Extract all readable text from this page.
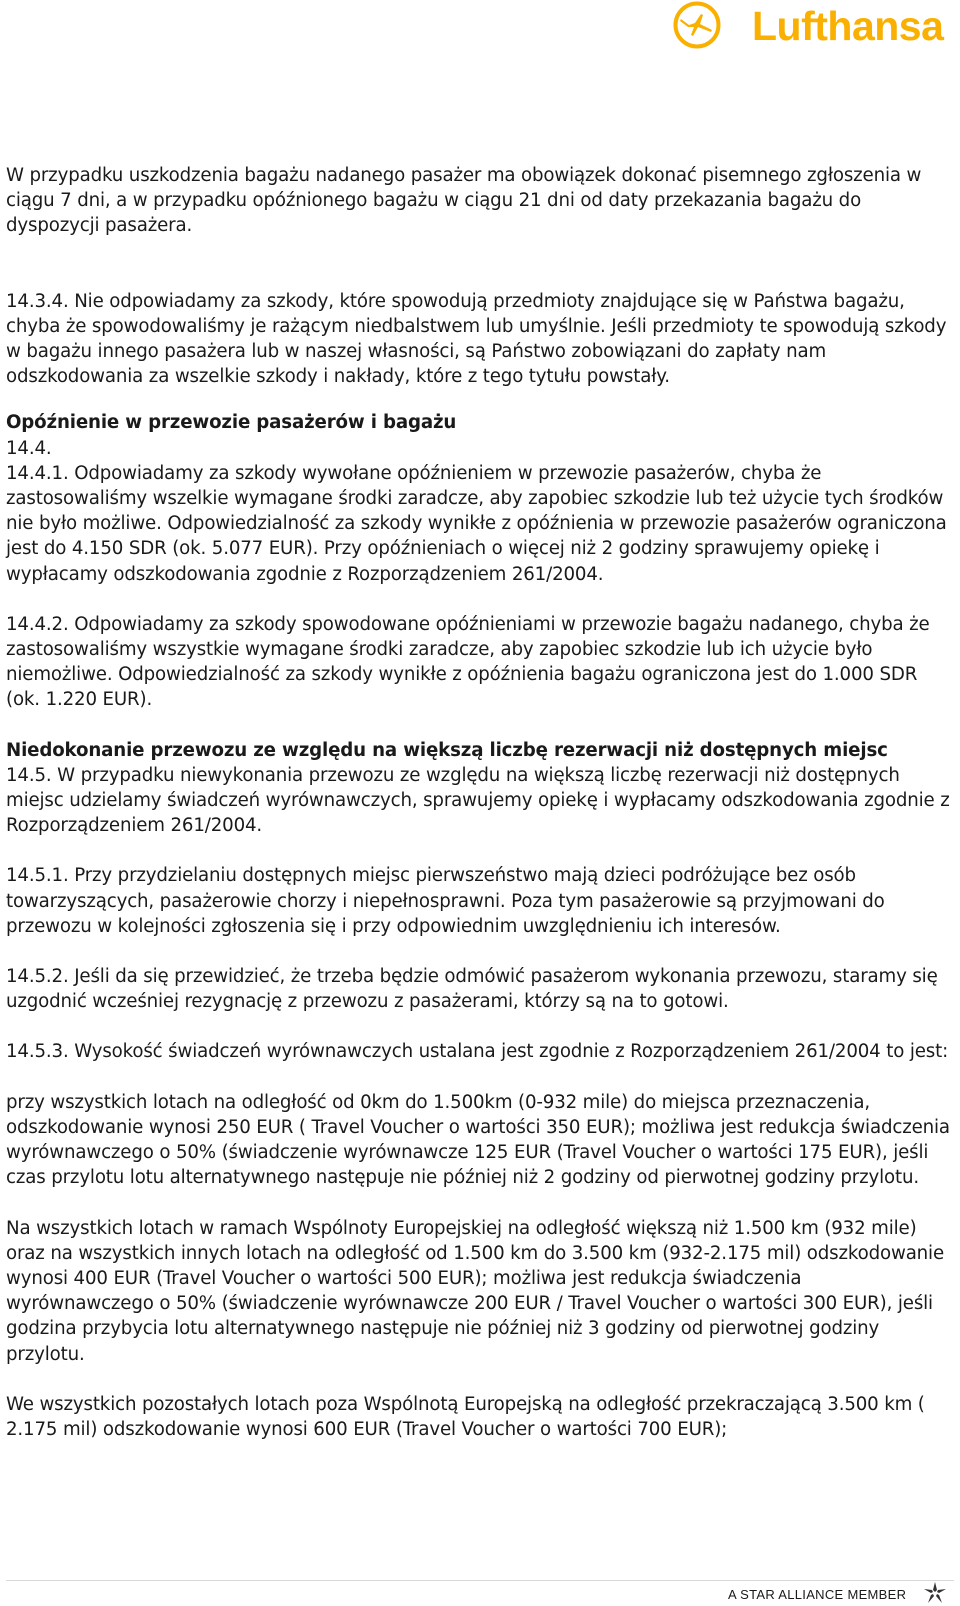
Lufthansa

W przypadku uszkodzenia bagażu nadanego pasażer ma obowiązek dokonać pisemnego zgłoszenia w ciągu 7 dni, a w przypadku opóźnionego bagażu w ciągu 21 dni od daty przekazania bagażu do dyspozycji pasażera.

14.3.4. Nie odpowiadamy za szkody, które spowodują przedmioty znajdujące się w Państwa bagażu, chyba że spowodowaliśmy je rażącym niedbalstwem lub umyślnie. Jeśli przedmioty te spowodują szkody w bagażu innego pasażera lub w naszej własności, są Państwo zobowiązani do zapłaty nam odszkodowania za wszelkie szkody i nakłady, które z tego tytułu powstały.

Opóźnienie w przewozie pasażerów i bagażu

14.4.

14.4.1. Odpowiadamy za szkody wywołane opóźnieniem w przewozie pasażerów, chyba że zastosowaliśmy wszelkie wymagane środki zaradcze, aby zapobiec szkodzie lub też użycie tych środków nie było możliwe. Odpowiedzialność za szkody wynikłe z opóźnienia w przewozie pasażerów ograniczona jest do 4.150 SDR (ok. 5.077 EUR). Przy opóźnieniach o więcej niż 2 godziny sprawujemy opiekę i wypłacamy odszkodowania zgodnie z Rozporządzeniem 261/2004.

14.4.2. Odpowiadamy za szkody spowodowane opóźnieniami w przewozie bagażu nadanego, chyba że zastosowaliśmy wszystkie wymagane środki zaradcze, aby zapobiec szkodzie lub ich użycie było niemożliwe. Odpowiedzialność za szkody wynikłe z opóźnienia bagażu ograniczona jest do 1.000 SDR (ok. 1.220 EUR).

Niedokonanie przewozu ze względu na większą liczbę rezerwacji niż dostępnych miejsc

14.5. W przypadku niewykonania przewozu ze względu na większą liczbę rezerwacji niż dostępnych miejsc udzielamy świadczeń wyrównawczych, sprawujemy opiekę i wypłacamy odszkodowania zgodnie z Rozporządzeniem 261/2004.

14.5.1. Przy przydzielaniu dostępnych miejsc pierwszeństwo mają dzieci podróżujące bez osób towarzyszących, pasażerowie chorzy i niepełnosprawni. Poza tym pasażerowie są przyjmowani do przewozu w kolejności zgłoszenia się i przy odpowiednim uwzględnieniu ich interesów.

14.5.2. Jeśli da się przewidzieć, że trzeba będzie odmówić pasażerom wykonania przewozu, staramy się uzgodnić wcześniej rezygnację z przewozu z pasażerami, którzy są na to gotowi.

14.5.3. Wysokość świadczeń wyrównawczych ustalana jest zgodnie z Rozporządzeniem 261/2004 to jest:

przy wszystkich lotach na odległość od 0km do 1.500km (0-932 mile) do miejsca przeznaczenia, odszkodowanie wynosi 250 EUR ( Travel Voucher o wartości 350 EUR); możliwa jest redukcja świadczenia wyrównawczego o 50% (świadczenie wyrównawcze 125 EUR (Travel Voucher o wartości 175 EUR), jeśli czas przylotu lotu alternatywnego następuje nie później niż 2 godziny od pierwotnej godziny przylotu.

Na wszystkich lotach w ramach Wspólnoty Europejskiej na odległość większą niż 1.500 km (932 mile) oraz na wszystkich innych lotach na odległość od 1.500 km do 3.500 km (932-2.175 mil) odszkodowanie wynosi 400 EUR (Travel Voucher o wartości 500 EUR); możliwa jest redukcja świadczenia wyrównawczego o 50% (świadczenie wyrównawcze 200 EUR / Travel Voucher o wartości 300 EUR), jeśli godzina przybycia lotu alternatywnego następuje nie później niż 3 godziny od pierwotnej godziny przylotu.

We wszystkich pozostałych lotach poza Wspólnotą Europejską na odległość przekraczającą 3.500 km ( 2.175 mil) odszkodowanie wynosi 600 EUR (Travel Voucher o wartości 700 EUR);

A STAR ALLIANCE MEMBER
